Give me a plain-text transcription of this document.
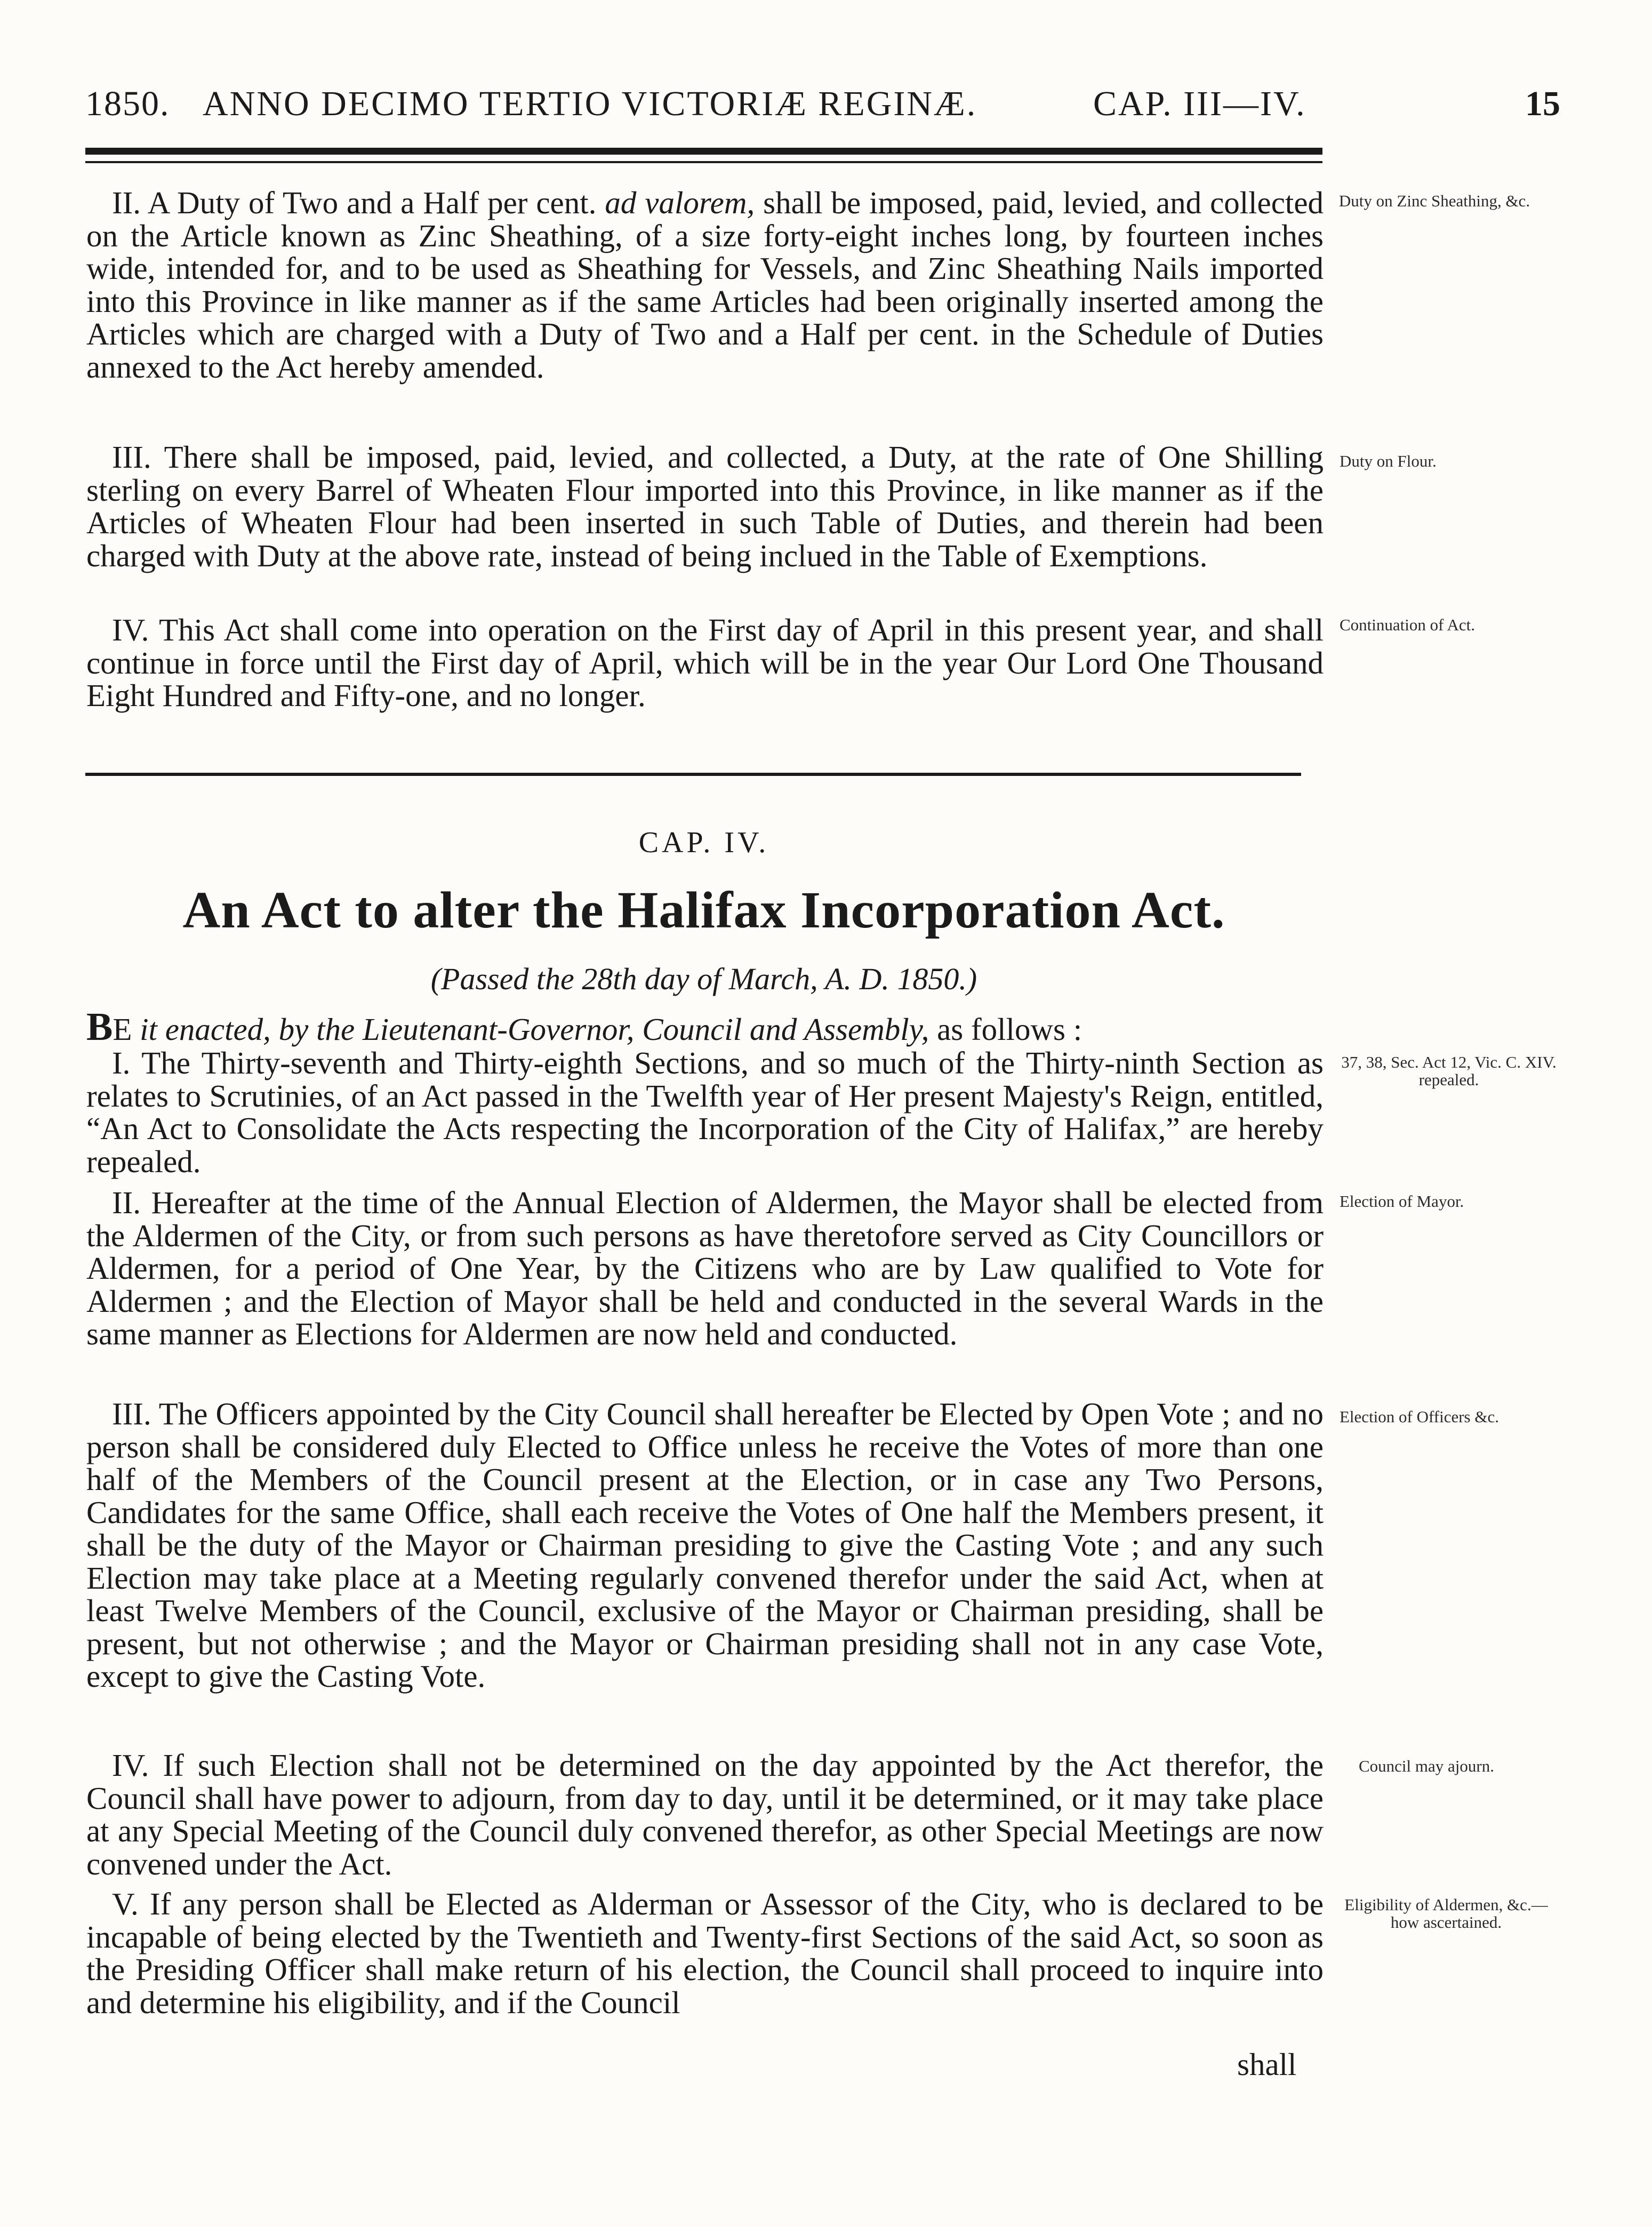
1850. ANNO DECIMO TERTIO VICTORIÆ REGINÆ.	CAP. III—IV.	15
II. A Duty of Two and a Half per cent. ad valorem, shall be imposed, paid, levied, and collected on the Article known as Zinc Sheathing, of a size forty-eight inches long, by fourteen inches wide, intended for, and to be used as Sheathing for Vessels, and Zinc Sheathing Nails imported into this Province in like manner as if the same Articles had been originally inserted among the Articles which are charged with a Duty of Two and a Half per cent. in the Schedule of Duties annexed to the Act hereby amended.
Duty on Zinc Sheathing, &c.
III. There shall be imposed, paid, levied, and collected, a Duty, at the rate of One Shilling sterling on every Barrel of Wheaten Flour imported into this Province, in like manner as if the Articles of Wheaten Flour had been inserted in such Table of Duties, and therein had been charged with Duty at the above rate, instead of being inclued in the Table of Exemptions.
Duty on Flour.
IV. This Act shall come into operation on the First day of April in this present year, and shall continue in force until the First day of April, which will be in the year Our Lord One Thousand Eight Hundred and Fifty-one, and no longer.
Continuation of Act.
CAP. IV.
An Act to alter the Halifax Incorporation Act.
(Passed the 28th day of March, A. D. 1850.)
BE it enacted, by the Lieutenant-Governor, Council and Assembly, as follows :
I. The Thirty-seventh and Thirty-eighth Sections, and so much of the Thirty-ninth Section as relates to Scrutinies, of an Act passed in the Twelfth year of Her present Majesty's Reign, entitled, “An Act to Consolidate the Acts respecting the Incorporation of the City of Halifax,” are hereby repealed.
37, 38, Sec. Act 12, Vic. C. XIV. repealed.
II. Hereafter at the time of the Annual Election of Aldermen, the Mayor shall be elected from the Aldermen of the City, or from such persons as have theretofore served as City Councillors or Aldermen, for a period of One Year, by the Citizens who are by Law qualified to Vote for Aldermen ; and the Election of Mayor shall be held and conducted in the several Wards in the same manner as Elections for Aldermen are now held and conducted.
Election of Mayor.
III. The Officers appointed by the City Council shall hereafter be Elected by Open Vote ; and no person shall be considered duly Elected to Office unless he receive the Votes of more than one half of the Members of the Council present at the Election, or in case any Two Persons, Candidates for the same Office, shall each receive the Votes of One half the Members present, it shall be the duty of the Mayor or Chairman presiding to give the Casting Vote ; and any such Election may take place at a Meeting regularly convened therefor under the said Act, when at least Twelve Members of the Council, exclusive of the Mayor or Chairman presiding, shall be present, but not otherwise ; and the Mayor or Chairman presiding shall not in any case Vote, except to give the Casting Vote.
Election of Officers &c.
IV. If such Election shall not be determined on the day appointed by the Act therefor, the Council shall have power to adjourn, from day to day, until it be determined, or it may take place at any Special Meeting of the Council duly convened therefor, as other Special Meetings are now convened under the Act.
Council may ajourn.
V. If any person shall be Elected as Alderman or Assessor of the City, who is declared to be incapable of being elected by the Twentieth and Twenty-first Sections of the said Act, so soon as the Presiding Officer shall make return of his election, the Council shall proceed to inquire into and determine his eligibility, and if the Council
Eligibility of Aldermen, &c.—how ascertained.
shall
